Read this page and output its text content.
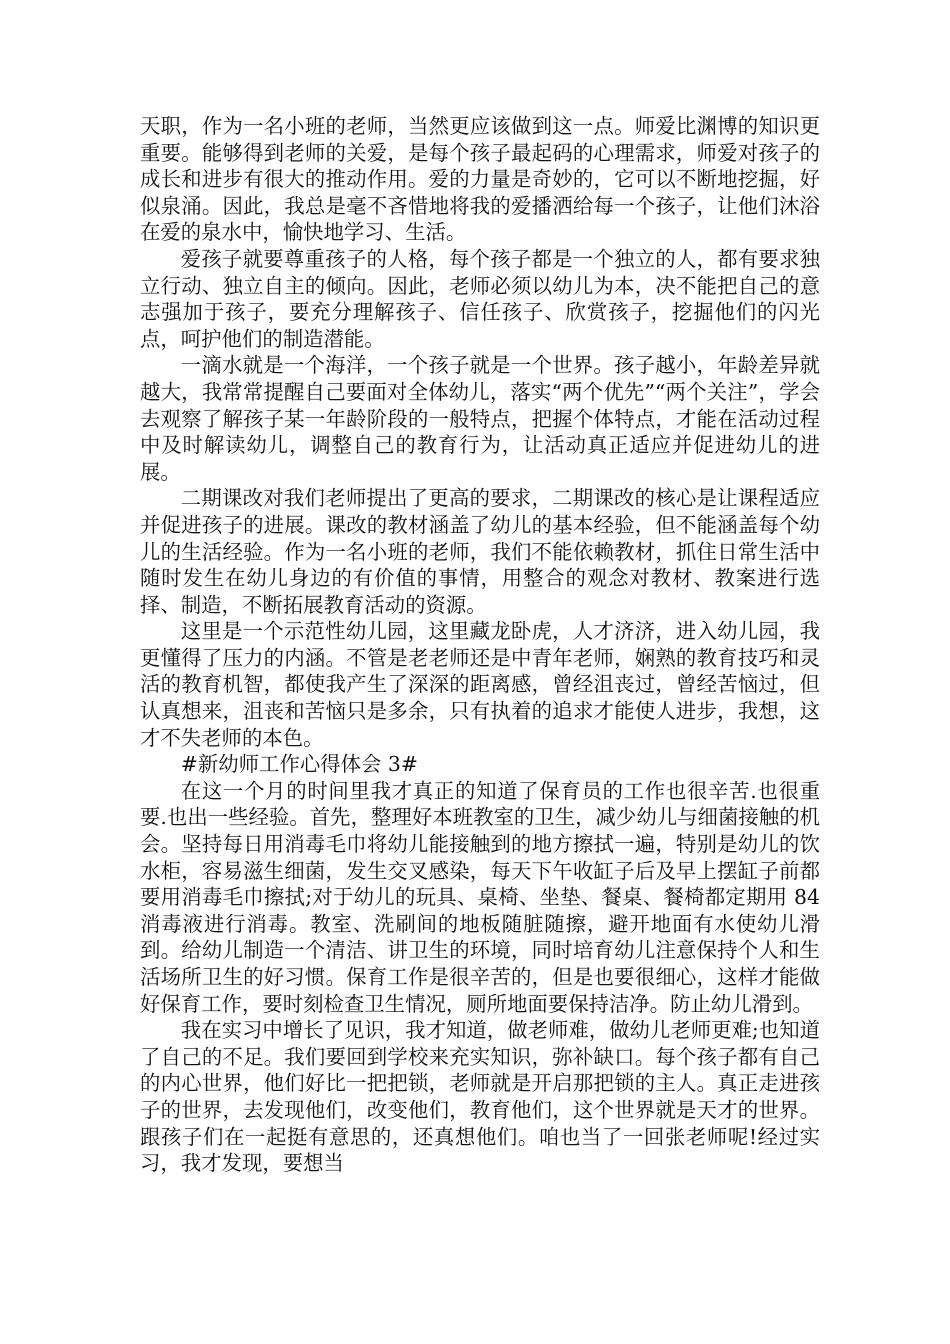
天职，作为一名小班的老师，当然更应该做到这一点。师爱比渊博的知识更重要。能够得到老师的关爱，是每个孩子最起码的心理需求，师爱对孩子的成长和进步有很大的推动作用。爱的力量是奇妙的，它可以不断地挖掘，好似泉涌。因此，我总是毫不吝惜地将我的爱播洒给每一个孩子，让他们沐浴在爱的泉水中，愉快地学习、生活。

爱孩子就要尊重孩子的人格，每个孩子都是一个独立的人，都有要求独立行动、独立自主的倾向。因此，老师必须以幼儿为本，决不能把自己的意志强加于孩子，要充分理解孩子、信任孩子、欣赏孩子，挖掘他们的闪光点，呵护他们的制造潜能。

一滴水就是一个海洋，一个孩子就是一个世界。孩子越小，年龄差异就越大，我常常提醒自己要面对全体幼儿，落实“两个优先”“两个关注”，学会去观察了解孩子某一年龄阶段的一般特点，把握个体特点，才能在活动过程中及时解读幼儿，调整自己的教育行为，让活动真正适应并促进幼儿的进展。

二期课改对我们老师提出了更高的要求，二期课改的核心是让课程适应并促进孩子的进展。课改的教材涵盖了幼儿的基本经验，但不能涵盖每个幼儿的生活经验。作为一名小班的老师，我们不能依赖教材，抓住日常生活中随时发生在幼儿身边的有价值的事情，用整合的观念对教材、教案进行选择、制造，不断拓展教育活动的资源。

这里是一个示范性幼儿园，这里藏龙卧虎，人才济济，进入幼儿园，我更懂得了压力的内涵。不管是老老师还是中青年老师，娴熟的教育技巧和灵活的教育机智，都使我产生了深深的距离感，曾经沮丧过，曾经苦恼过，但认真想来，沮丧和苦恼只是多余，只有执着的追求才能使人进步，我想，这才不失老师的本色。

#新幼师工作心得体会 3#

在这一个月的时间里我才真正的知道了保育员的工作也很辛苦.也很重要.也出一些经验。首先，整理好本班教室的卫生，减少幼儿与细菌接触的机会。坚持每日用消毒毛巾将幼儿能接触到的地方擦拭一遍，特别是幼儿的饮水柜，容易滋生细菌，发生交叉感染，每天下午收缸子后及早上摆缸子前都要用消毒毛巾擦拭;对于幼儿的玩具、桌椅、坐垫、餐桌、餐椅都定期用 84 消毒液进行消毒。教室、洗刷间的地板随脏随擦，避开地面有水使幼儿滑到。给幼儿制造一个清洁、讲卫生的环境，同时培育幼儿注意保持个人和生活场所卫生的好习惯。保育工作是很辛苦的，但是也要很细心，这样才能做好保育工作，要时刻检查卫生情况，厕所地面要保持洁净。防止幼儿滑到。

我在实习中增长了见识，我才知道，做老师难，做幼儿老师更难;也知道了自己的不足。我们要回到学校来充实知识，弥补缺口。每个孩子都有自己的内心世界，他们好比一把把锁，老师就是开启那把锁的主人。真正走进孩子的世界，去发现他们，改变他们，教育他们，这个世界就是天才的世界。跟孩子们在一起挺有意思的，还真想他们。咱也当了一回张老师呢!经过实习，我才发现，要想当
